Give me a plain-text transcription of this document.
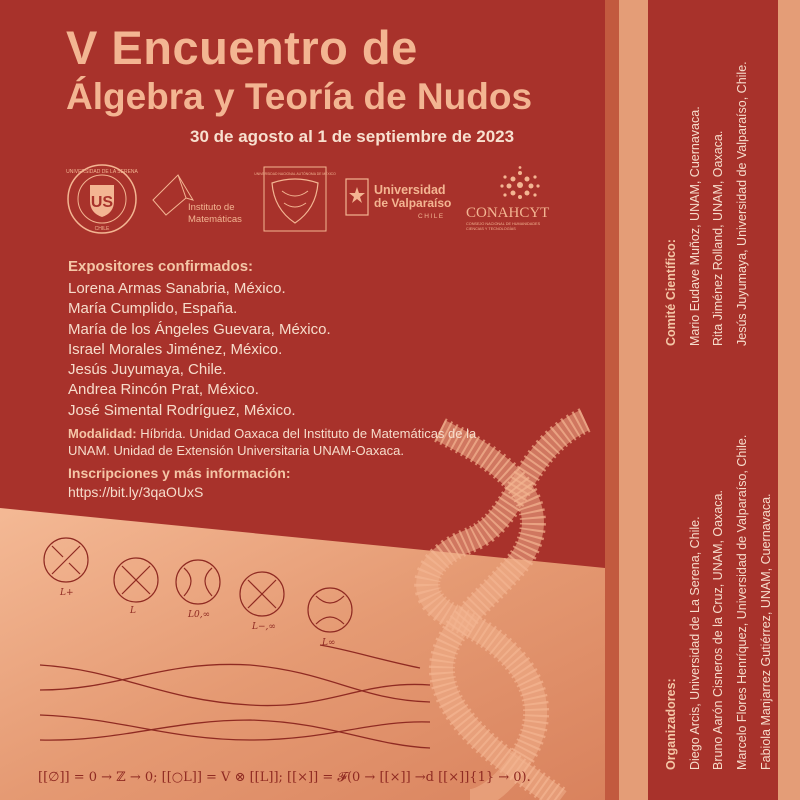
V Encuentro de
Álgebra y Teoría de Nudos
30 de agosto al 1 de septiembre de 2023
US
UNIVERSIDAD DE LA SERENA
CHILE
Instituto de
Matemáticas
UNIVERSIDAD NACIONAL AUTÓNOMA DE MÉXICO
Universidad
de Valparaíso
CHILE CONAHCYT
CONSEJO NACIONAL DE HUMANIDADES
CIENCIAS Y TECNOLOGÍAS
Expositores confirmados:
Lorena Armas Sanabria, México.
María Cumplido, España.
María de los Ángeles Guevara, México.
Israel Morales Jiménez, México.
Jesús Juyumaya, Chile.
Andrea Rincón Prat, México.
José Simental Rodríguez, México.
Modalidad: Híbrida. Unidad Oaxaca del Instituto de Matemáticas de la UNAM. Unidad de Extensión Universitaria UNAM-Oaxaca.
Inscripciones y más información:
https://bit.ly/3qaOUxS
L+
L	L0,∞
L−,∞
L∞
[[∅]] = 0 → ℤ → 0; [[○L]] = V ⊗ [[L]]; [[⨯]] = 𝓕(0 → [[⨯]] →d [[⨯]]{1} → 0).
Comité Científico: Mario Eudave Muñoz, UNAM, Cuernavaca. Rita Jiménez Rolland, UNAM, Oaxaca. Jesús Juyumaya, Universidad de Valparaíso, Chile.
Organizadores: Diego Arcis, Universidad de La Serena, Chile. Bruno Aarón Cisneros de la Cruz, UNAM, Oaxaca. Marcelo Flores Henríquez, Universidad de Valparaíso, Chile. Fabiola Manjarrez Gutiérrez, UNAM, Cuernavaca.
